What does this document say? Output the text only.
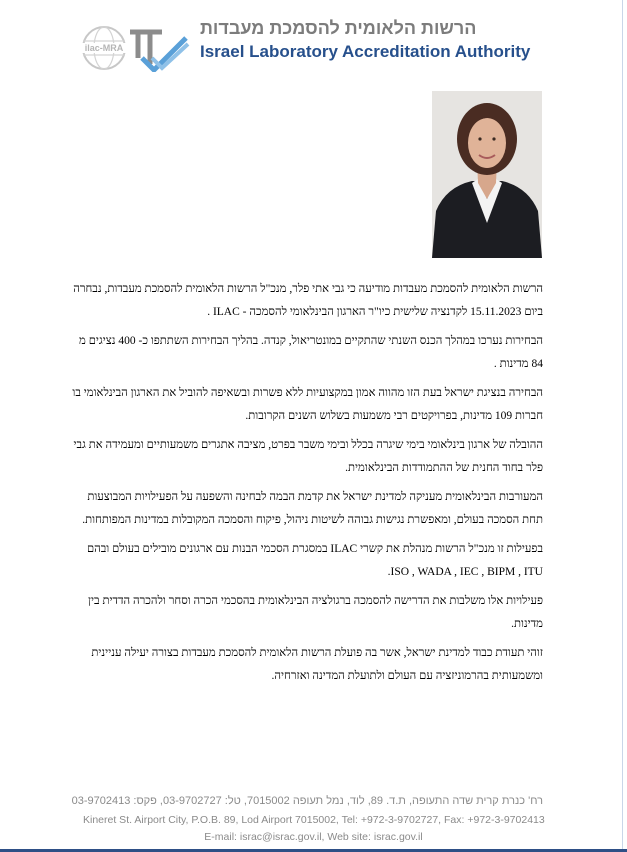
ilac-MRA
הרשות הלאומית להסמכת מעבדות
Israel Laboratory Accreditation Authority

הרשות הלאומית להסמכת מעבדות מודיעה כי גבי אתי פלר, מנכ"ל הרשות הלאומית להסמכת מעבדות, נבחרה ביום 15.11.2023 לקדנציה שלישית כיו"ר הארגון הבינלאומי להסמכה - ILAC .

הבחירות נערכו במהלך הכנס השנתי שהתקיים במונטריאול, קנדה. בהליך הבחירות השתתפו כ- 400 נציגים מ 84 מדינות .

הבחירה בנציגת ישראל בעת הזו מהווה אמון במקצועיות ללא פשרות ובשאיפה להוביל את הארגון הבינלאומי בו חברות 109 מדינות, בפרויקטים רבי משמעות בשלוש השנים הקרובות.

ההובלה של ארגון בינלאומי בימי שיגרה בכלל ובימי משבר בפרט, מציבה אתגרים משמעותיים ומעמידה את גבי פלר בחוד החנית של ההתמודדות הבינלאומית.

המעורבות הבינלאומית מעניקה למדינת ישראל את קדמת הבמה לבחינה והשפעה על הפעילויות המבוצעות תחת הסמכה בעולם, ומאפשרת נגישות גבוהה לשיטות ניהול, פיקוח והסמכה המקובלות במדינות המפותחות.

בפעילות זו מנכ"ל הרשות מנהלת את קשרי ILAC במסגרת הסכמי הבנות עם ארגונים מובילים בעולם ובהם ISO , WADA , IEC , BIPM , ITU.

פעילויות אלו משלבות את הדרישה להסמכה ברגולציה הבינלאומית בהסכמי הכרה וסחר ולהכרה הדדית בין מדינות.

זוהי תעודת כבוד למדינת ישראל, אשר בה פועלת הרשות הלאומית להסמכת מעבדות בצורה יעילה עניינית ומשמעותית בהרמוניזציה עם העולם ולתועלת המדינה ואזרחיה.

רח' כנרת קרית שדה התעופה, ת.ד. 89, לוד, נמל תעופה 7015002, טל: 03-9702727, פקס: 03-9702413
Kineret St. Airport City, P.O.B. 89, Lod Airport 7015002, Tel: +972-3-9702727, Fax: +972-3-9702413
E-mail: israc@israc.gov.il, Web site: israc.gov.il
